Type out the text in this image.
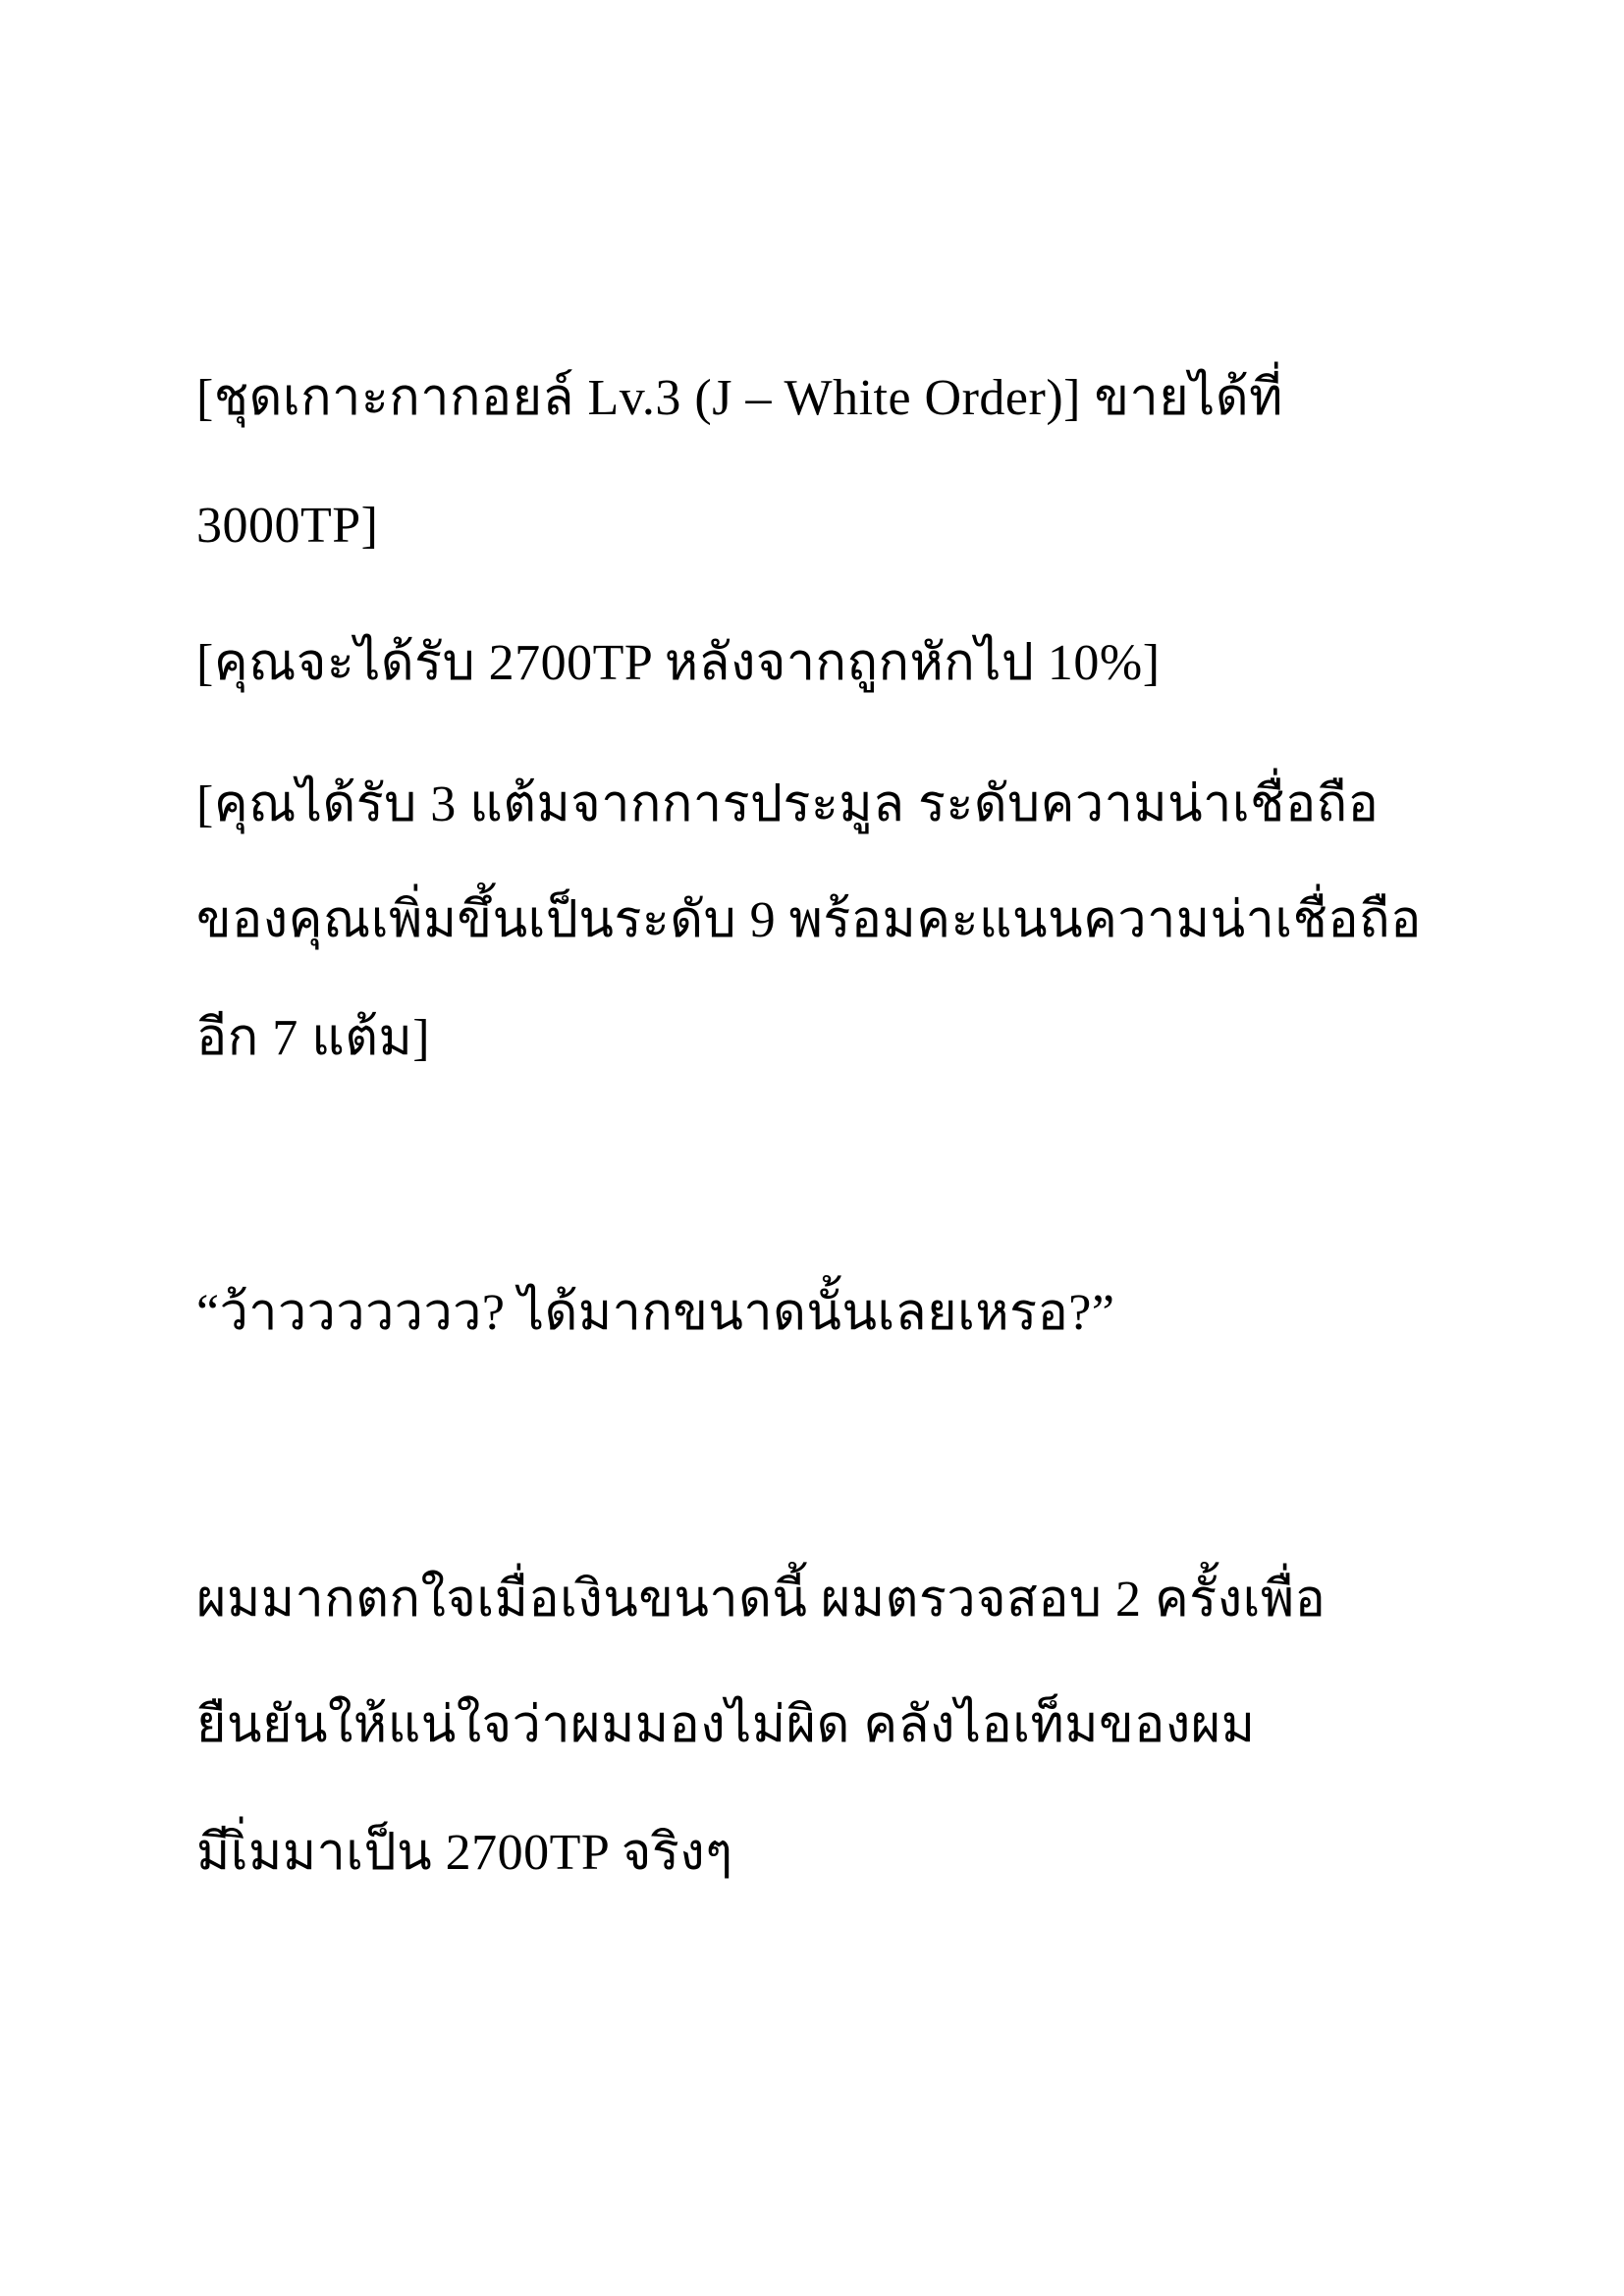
[ชุดเกาะกากอยล์ Lv.3 (J – White Order)] ขายได้ที่
3000TP]
[คุณจะได้รับ 2700TP หลังจากถูกหักไป 10%]
[คุณได้รับ 3 แต้มจากการประมูล ระดับความน่าเชื่อถือ
ของคุณเพิ่มขึ้นเป็นระดับ 9 พร้อมคะแนนความน่าเชื่อถือ
อีก 7 แต้ม]
“ว้าววววววว? ได้มากขนาดนั้นเลยเหรอ?”
ผมมากตกใจเมื่อเงินขนาดนี้ ผมตรวจสอบ 2 ครั้งเพื่อ
ยืนยันให้แน่ใจว่าผมมองไม่ผิด คลังไอเท็มของผม
มีเิ่มมาเป็น 2700TP จริงๆ
